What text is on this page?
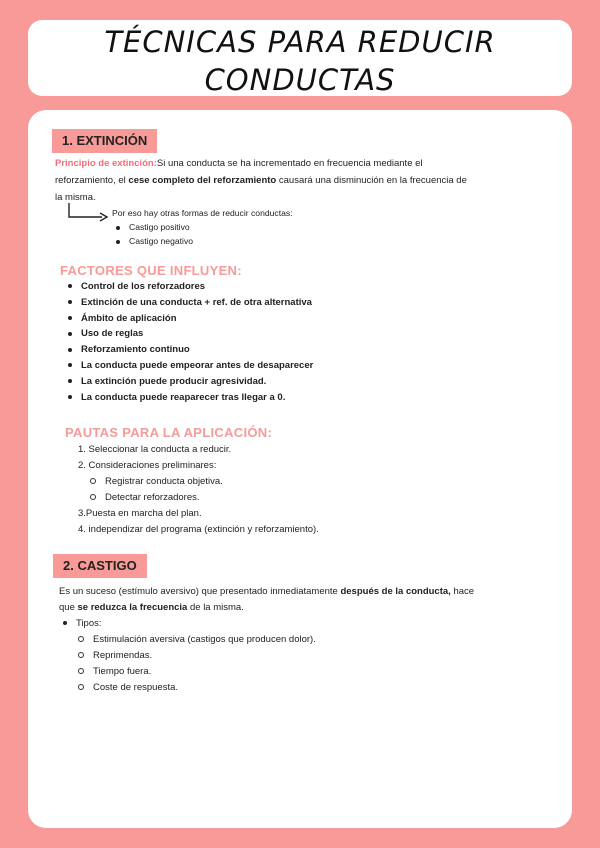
TÉCNICAS PARA REDUCIR
CONDUCTAS
1. EXTINCIÓN
Principio de extinción:Si una conducta se ha incrementado en frecuencia mediante el
reforzamiento, el cese completo del reforzamiento causará una disminución en la frecuencia de
la misma.
Por eso hay otras formas de reducir conductas:
Castigo positivo
Castigo negativo
FACTORES QUE INFLUYEN:
Control de los reforzadores
Extinción de una conducta + ref. de otra alternativa
Ámbito de aplicación
Uso de reglas
Reforzamiento continuo
La conducta puede empeorar antes de desaparecer
La extinción puede producir agresividad.
La conducta puede reaparecer tras llegar a 0.
PAUTAS PARA LA APLICACIÓN:
1. Seleccionar la conducta a reducir.
2. Consideraciones preliminares:
Registrar conducta objetiva.
Detectar reforzadores.
3.Puesta en marcha del plan.
4. independizar del programa (extinción y reforzamiento).
2. CASTIGO
Es un suceso (estímulo aversivo) que presentado inmediatamente después de la conducta, hace
que se reduzca la frecuencia de la misma.
Tipos:
Estimulación aversiva (castigos que producen dolor).
Reprimendas.
Tiempo fuera.
Coste de respuesta.
